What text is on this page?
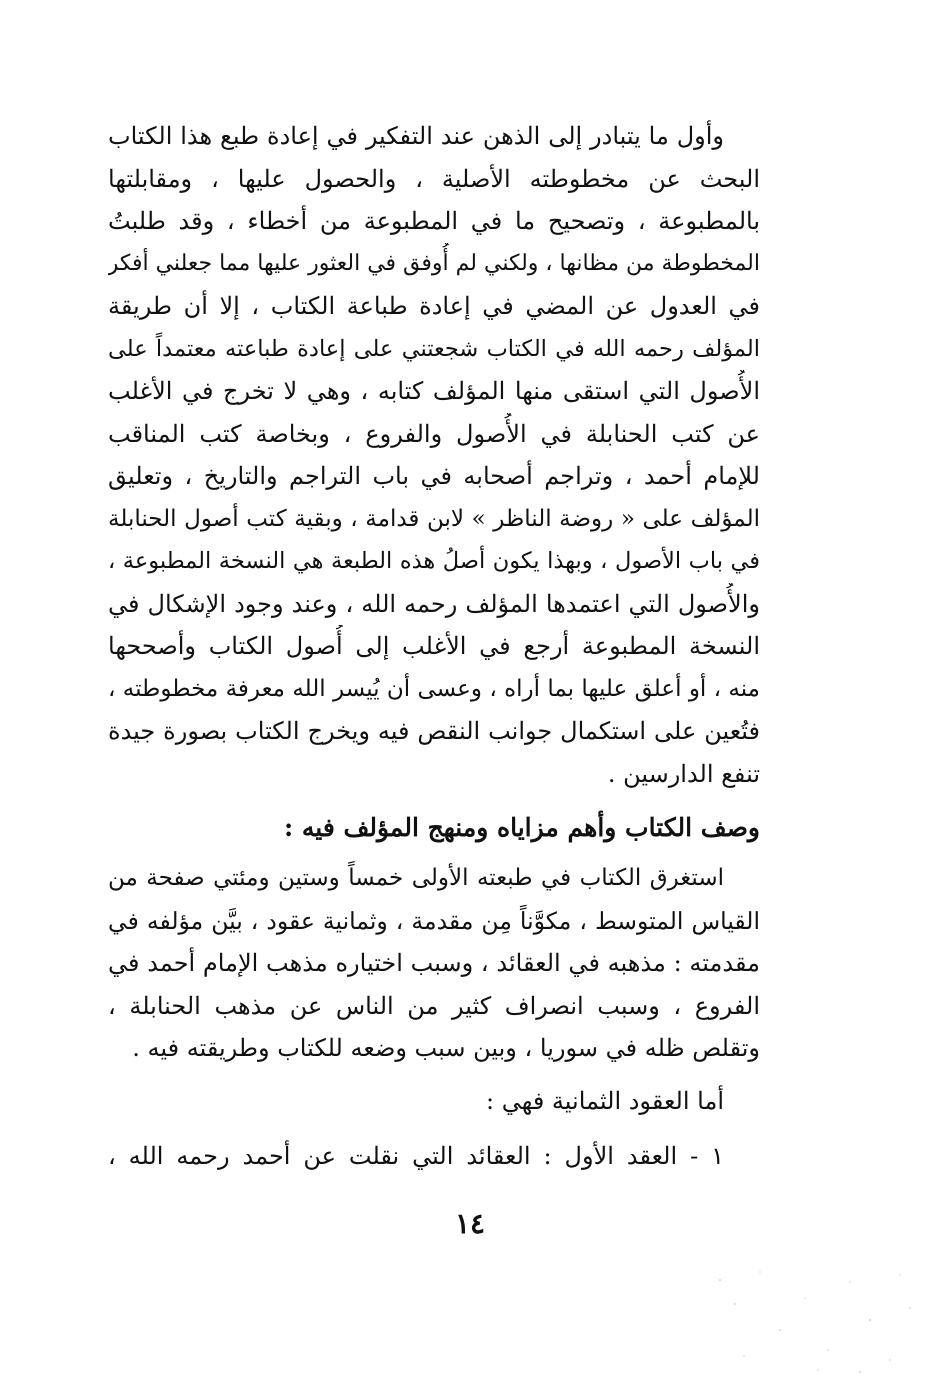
وأول ما يتبادر إلى الذهن عند التفكير في إعادة طبع هذا الكتاب
البحث عن مخطوطته الأصلية ، والحصول عليها ، ومقابلتها
بالمطبوعة ، وتصحيح ما في المطبوعة من أخطاء ، وقد طلبتُ
المخطوطة من مظانها ، ولكني لم أُوفق في العثور عليها مما جعلني أفكر
في العدول عن المضي في إعادة طباعة الكتاب ، إلا أن طريقة
المؤلف رحمه الله في الكتاب شجعتني على إعادة طباعته معتمداً على
الأُصول التي استقى منها المؤلف كتابه ، وهي لا تخرج في الأغلب
عن كتب الحنابلة في الأُصول والفروع ، وبخاصة كتب المناقب
للإمام أحمد ، وتراجم أصحابه في باب التراجم والتاريخ ، وتعليق
المؤلف على « روضة الناظر » لابن قدامة ، وبقية كتب أصول الحنابلة
في باب الأصول ، وبهذا يكون أصلُ هذه الطبعة هي النسخة المطبوعة ،
والأُصول التي اعتمدها المؤلف رحمه الله ، وعند وجود الإشكال في
النسخة المطبوعة أرجع في الأغلب إلى أُصول الكتاب وأصححها
منه ، أو أعلق عليها بما أراه ، وعسى أن يُيسر الله معرفة مخطوطته ،
فتُعين على استكمال جوانب النقص فيه ويخرج الكتاب بصورة جيدة
تنفع الدارسين .
وصف الكتاب وأهم مزاياه ومنهج المؤلف فيه :
استغرق الكتاب في طبعته الأولى خمساً وستين ومئتي صفحة من
القياس المتوسط ، مكوَّناً مِن مقدمة ، وثمانية عقود ، بيَّن مؤلفه في
مقدمته : مذهبه في العقائد ، وسبب اختياره مذهب الإمام أحمد في
الفروع ، وسبب انصراف كثير من الناس عن مذهب الحنابلة ،
وتقلص ظله في سوريا ، وبين سبب وضعه للكتاب وطريقته فيه .
أما العقود الثمانية فهي :
١ - العقد الأول : العقائد التي نقلت عن أحمد رحمه الله ،
١٤
